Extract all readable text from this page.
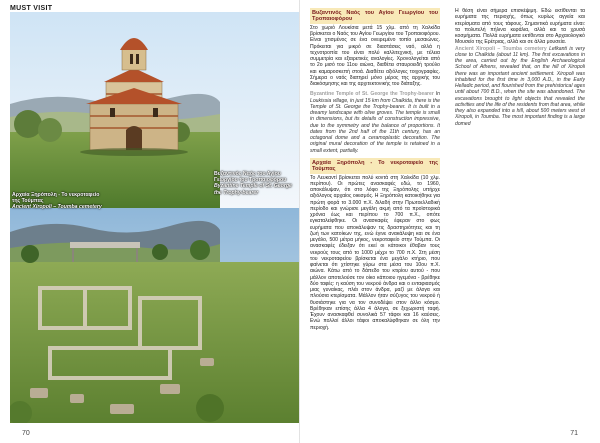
MUST VISIT
Αρχαία Ξηρόπολη - Το νεκροταφείο της Τούμπας
Ancient Xiropoli – Toumba cemetery
Βυζαντινός Ναός του Αγίου Γεωργίου του Τροπαιοφόρου
Byzantine Temple of St. George the Trophy-bearer
70
Βυζαντινός Ναός του Αγίου Γεωργίου του Τροπαιοφόρου

Στο χωριό Λουκίσια μετά 15 χλμ. από τη Χαλκίδα βρίσκεται ο Ναός του Αγίου Γεωργίου του Τροπαιοφόρου. Είναι χτισμένος σε ένα ονειρεμένο τοπίο μεσαιώνες. Πρόκειται για μικρό σε διαστάσεις ναό, αλλά η τεχνοτροπία του είναι πολύ καλλιτεχνική, με τέλεια συμμετρία και εξαιρετικές αναλογίες. Χρονολογείται από το 2ο μισό του 11ου αιώνα, διαθέτει σταυροειδή τρούλο και καμαροσκεπή στοά. Διαθέτει αξιόλογες τοιχογραφίες. Σήμερα ο ναός διατηρεί μόνο μέρος της αρχικής του διακόσμησης και της αρχιτεκτονικής του διάταξης.

Byzantine Temple of St. George the Trophy-bearer In Loukissia village, in just 15 km from Chalkida, there is the Temple of St. George the Trophy-bearer. It is built in a dreamy landscape with olive groves. The temple is small in dimensions, but its details of construction impressive, due to the symmetry and the balance of proportions. It dates from the 2nd half of the 11th century, has an octagonal dome and a ceramoplastic decoration. The original mural decoration of the temple is retained in a small extent, partially.

Αρχαία Ξηρόπολη - Το νεκροταφείο της Τούμπας

Το Λευκαντί βρίσκεται πολύ κοντά στη Χαλκίδα (10 χλμ. περίπου). Οι πρώτες ανασκαφές εδώ, το 1960, αποκάλυψαν, ότι στο λόφο της Ξηρόπολης υπήρχε αξιόλογος αρχαίος οικισμός. Η Ξηρόπολη κατοικήθηκε για πρώτη φορά το 3.000 π.Χ. διλαδή στην Πρωτοελλαδική περίοδο και γνώρισε μεγάλη ακμή από τα προϊστορικά χρόνια έως και περίπου το 700 π.Χ., οπότε εγκαταλείφθηκε. Οι ανασκαφές έφεραν στο φως ευρήματα που αποκάλυψαν τις δραστηριότητες και τη ζωή των κατοίκων της, ενώ έγινε ανακάλυψη και σε ένα μεγάλο, 500 μέτρα μήκος, νεκροταφείο στην Τούμπα. Οι ανασκαφές έδειξαν ότι εκεί οι κάτοικοι έθαβαν τους νεκρούς τους από το 1000 μέχρι το 700 π.Χ. Στη μέση του νεκροταφείου βρίσκεται ένα μεγάλο κτήριο, που φαίνεται ότι χτίστηκε γύρω στα μέσα του 10ου π.Χ. αιώνα. Κάτω από το δάπεδο του κτιρίου αυτού - που μάλλον αποτελούσε τον οίκο κάποιου ηγεμόνα - βρέθηκε δύο ταφές: η καύση του νεκρού άνδρα και ο ενταφιασμός μιας γυναίκας, πλάι στον άνδρα, μαζί με άλογα και πλούσια κτερίσματα. Μάλλον ήταν σύζυγος του νεκρού ή θυσιάστηκε για να τον συνοδέψει στον άλλο κόσμο. Βρέθηκαν επίσης άλλα 4 άλογα, σε ξεχωριστή ταφή. Έχουν ανασκαφθεί συνολικά 57 τάφοι και 16 καύσεις. Ενώ πολλοί άλλοι τάφοι αποκαλύφθηκαν σε όλη την περιοχή.

Η θέση είναι σήμερα επισκέψιμη. Εδώ εκτίθενται τα ευρήματα της περιοχής, όπως κυρίως αγγεία και κτερίσματα από τους τάφους. Σημαντικά ευρήματα είναι: τα πολυτελή πήλινα κεφάλια, αλλά και τα χρυσά κοσμήματα. Πολλά ευρήματα εκτίθενται στο Αρχαιολογικό Μουσείο της Ερέτριας, αλλά και σε άλλα μουσεία.

Ancient Xiropoli – Toumba cemetery Lefkanti is very close to Chalkida (about 11 km). The first excavations in the area, carried out by the English Archaeological School of Athens, revealed that, on the hill of Xiropoli there was an important ancient settlement. Xiropoli was inhabited for the first time in 3,000 A.D., in the Early Helladic period, and flourished from the prehistorical ages until about 700 B.D., when the site was abandoned. The excavations brought to light objects that revealed the activities and the life of the residents from that area, while they also expanded into a hill, about 500 meters west of Xiropoli, in Toumba. The most important finding is a large domed

71
